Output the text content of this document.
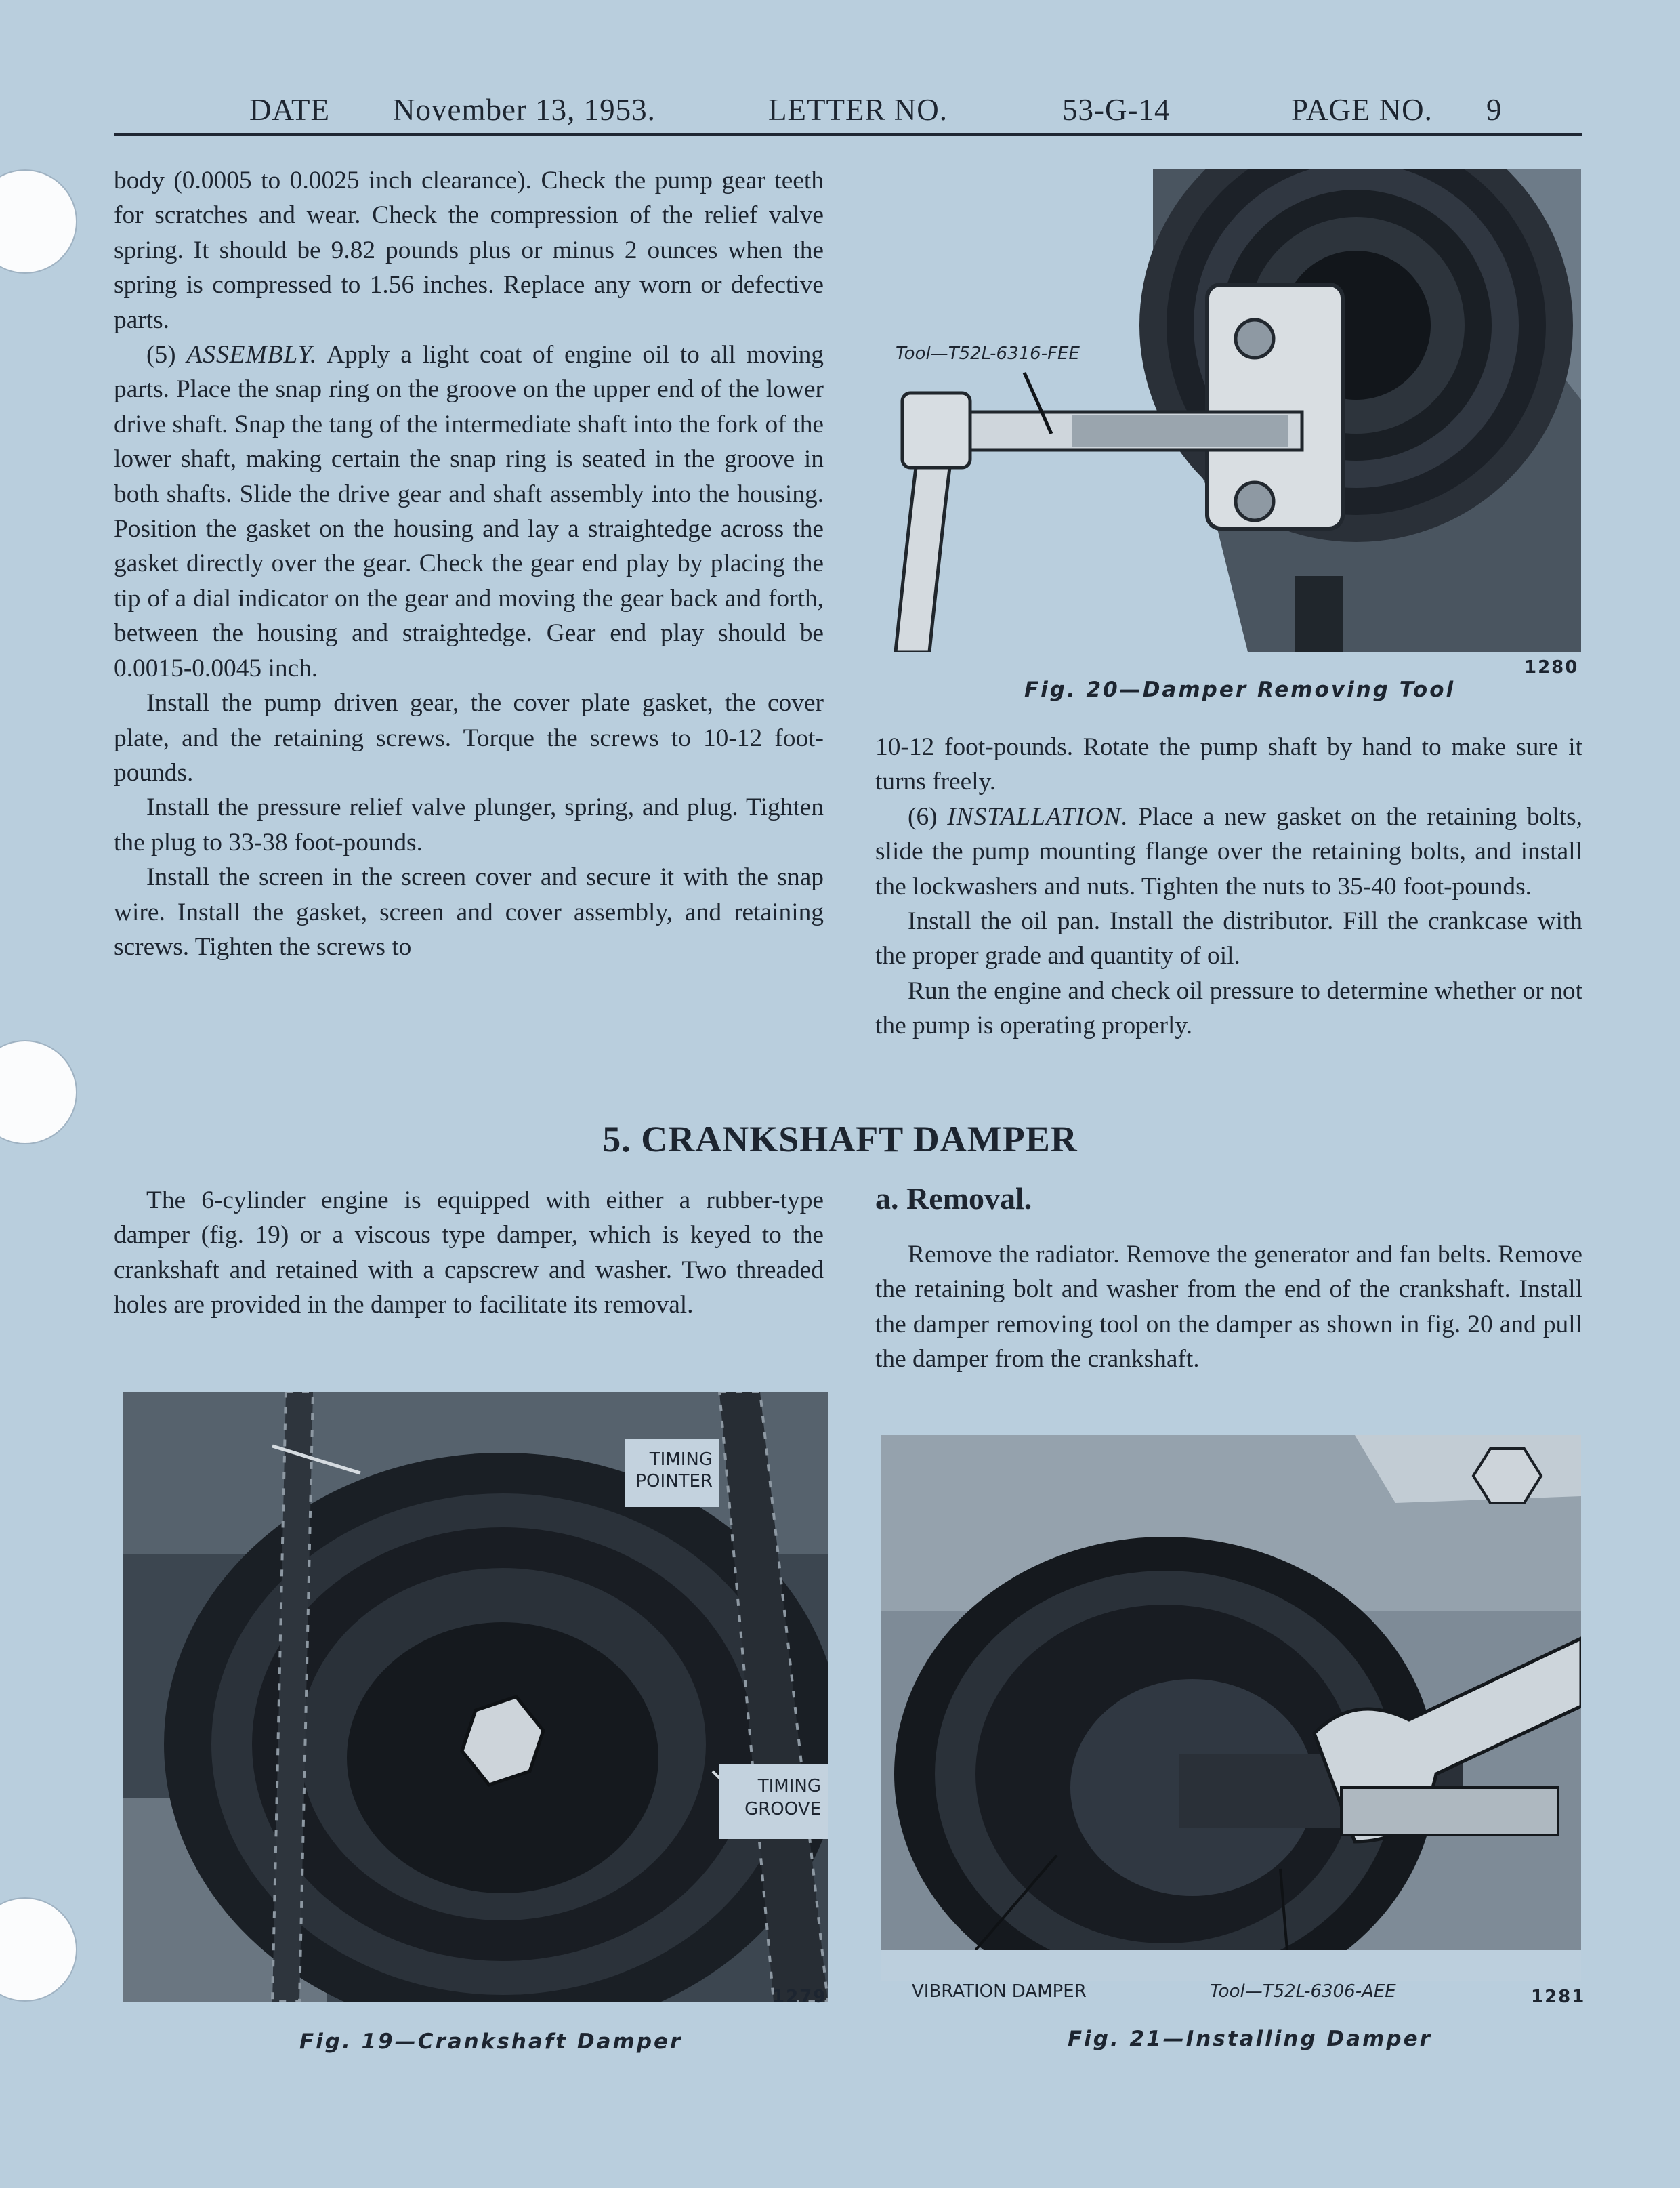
DATE November 13, 1953.	LETTER NO.	53-G-14	PAGE NO. 9

body (0.0005 to 0.0025 inch clearance). Check the pump gear teeth for scratches and wear. Check the compression of the relief valve spring. It should be 9.82 pounds plus or minus 2 ounces when the spring is compressed to 1.56 inches. Replace any worn or defective parts.

(5) ASSEMBLY. Apply a light coat of engine oil to all moving parts. Place the snap ring on the groove on the upper end of the lower drive shaft. Snap the tang of the intermediate shaft into the fork of the lower shaft, making certain the snap ring is seated in the groove in both shafts. Slide the drive gear and shaft assembly into the housing. Position the gasket on the housing and lay a straightedge across the gasket directly over the gear. Check the gear end play by placing the tip of a dial indicator on the gear and moving the gear back and forth, between the housing and straightedge. Gear end play should be 0.0015-0.0045 inch.

Install the pump driven gear, the cover plate gasket, the cover plate, and the retaining screws. Torque the screws to 10-12 foot-pounds.

Install the pressure relief valve plunger, spring, and plug. Tighten the plug to 33-38 foot-pounds.

Install the screen in the screen cover and secure it with the snap wire. Install the gasket, screen and cover assembly, and retaining screws. Tighten the screws to

10-12 foot-pounds. Rotate the pump shaft by hand to make sure it turns freely.

(6) INSTALLATION. Place a new gasket on the retaining bolts, slide the pump mounting flange over the retaining bolts, and install the lockwashers and nuts. Tighten the nuts to 35-40 foot-pounds.

Install the oil pan. Install the distributor. Fill the crankcase with the proper grade and quantity of oil.

Run the engine and check oil pressure to determine whether or not the pump is operating properly.

5. CRANKSHAFT DAMPER

The 6-cylinder engine is equipped with either a rubber-type damper (fig. 19) or a viscous type damper, which is keyed to the crankshaft and retained with a capscrew and washer. Two threaded holes are provided in the damper to facilitate its removal.

a. Removal.

Remove the radiator. Remove the generator and fan belts. Remove the retaining bolt and washer from the end of the crankshaft. Install the damper removing tool on the damper as shown in fig. 20 and pull the damper from the crankshaft.

Tool—T52L-6316-FEE
1280
Fig. 20—Damper Removing Tool
TIMING
POINTER
TIMING
GROOVE
1279
Fig. 19—Crankshaft Damper
VIBRATION DAMPER	Tool—T52L-6306-AEE	1281
Fig. 21—Installing Damper
